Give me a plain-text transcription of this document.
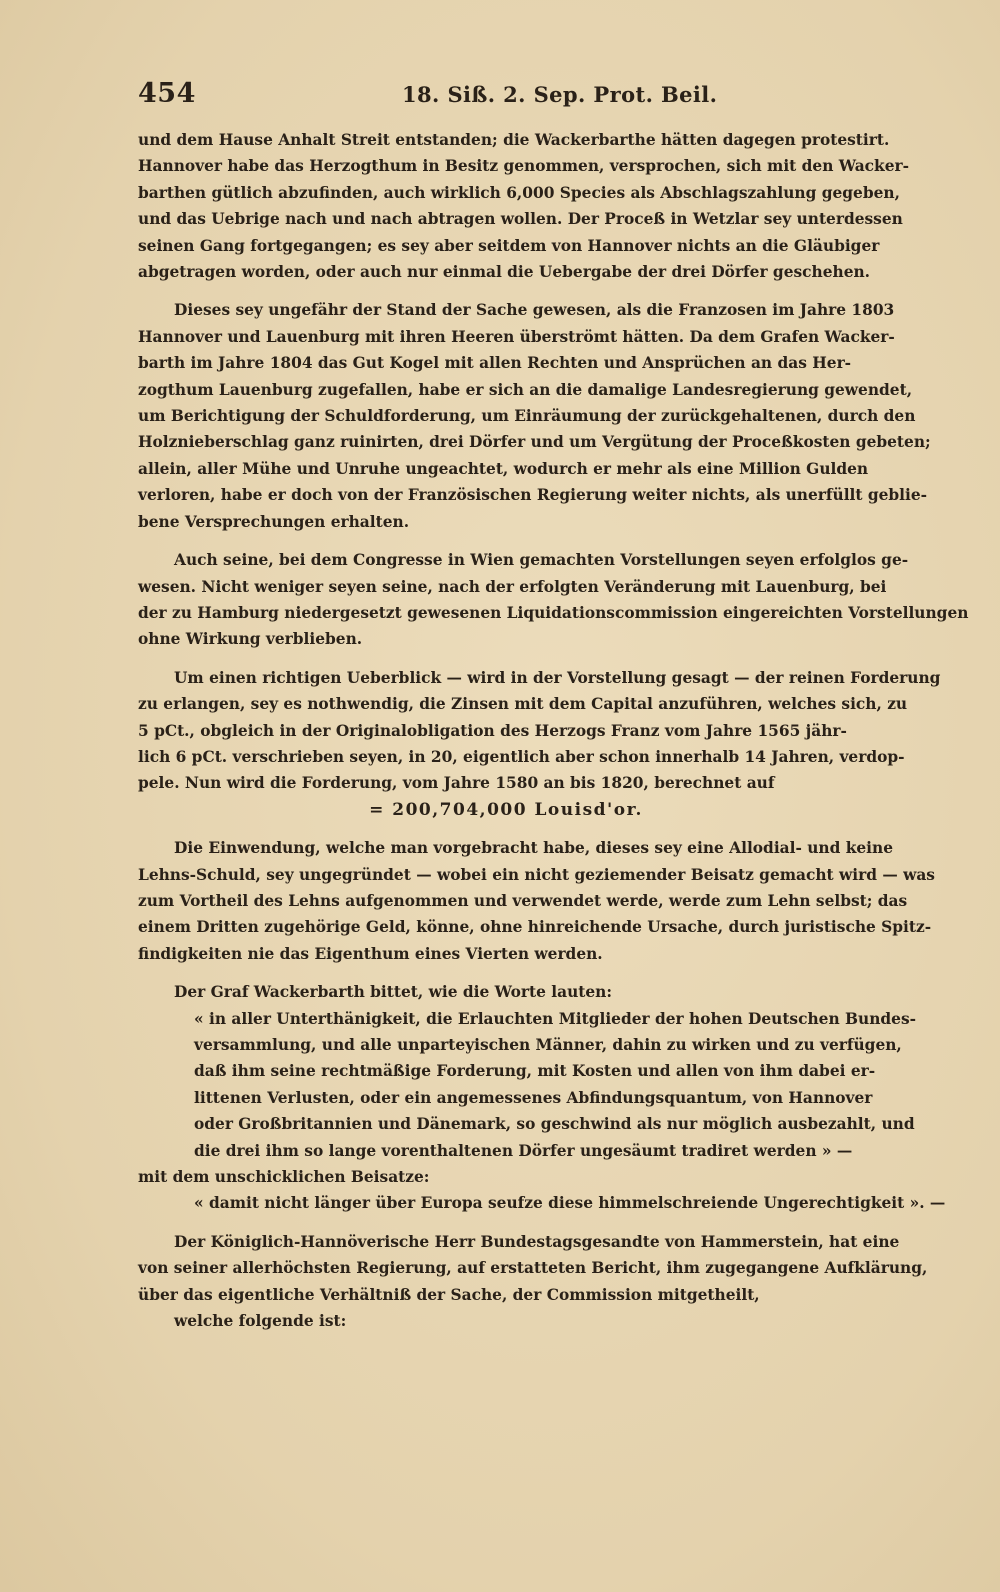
454	18. Siß. 2. Sep. Prot. Beil.
und dem Hause Anhalt Streit entstanden; die Wackerbarthe hätten dagegen protestirt.
Hannover habe das Herzogthum in Besitz genommen, versprochen, sich mit den Wacker-
barthen gütlich abzufinden, auch wirklich 6,000 Species als Abschlagszahlung gegeben,
und das Uebrige nach und nach abtragen wollen. Der Proceß in Wetzlar sey unterdessen
seinen Gang fortgegangen; es sey aber seitdem von Hannover nichts an die Gläubiger
abgetragen worden, oder auch nur einmal die Uebergabe der drei Dörfer geschehen.
Dieses sey ungefähr der Stand der Sache gewesen, als die Franzosen im Jahre 1803
Hannover und Lauenburg mit ihren Heeren überströmt hätten. Da dem Grafen Wacker-
barth im Jahre 1804 das Gut Kogel mit allen Rechten und Ansprüchen an das Her-
zogthum Lauenburg zugefallen, habe er sich an die damalige Landesregierung gewendet,
um Berichtigung der Schuldforderung, um Einräumung der zurückgehaltenen, durch den
Holznieberschlag ganz ruinirten, drei Dörfer und um Vergütung der Proceßkosten gebeten;
allein, aller Mühe und Unruhe ungeachtet, wodurch er mehr als eine Million Gulden
verloren, habe er doch von der Französischen Regierung weiter nichts, als unerfüllt geblie-
bene Versprechungen erhalten.
Auch seine, bei dem Congresse in Wien gemachten Vorstellungen seyen erfolglos ge-
wesen. Nicht weniger seyen seine, nach der erfolgten Veränderung mit Lauenburg, bei
der zu Hamburg niedergesetzt gewesenen Liquidationscommission eingereichten Vorstellungen
ohne Wirkung verblieben.
Um einen richtigen Ueberblick — wird in der Vorstellung gesagt — der reinen Forderung
zu erlangen, sey es nothwendig, die Zinsen mit dem Capital anzuführen, welches sich, zu
5 pCt., obgleich in der Originalobligation des Herzogs Franz vom Jahre 1565 jähr-
lich 6 pCt. verschrieben seyen, in 20, eigentlich aber schon innerhalb 14 Jahren, verdop-
pele. Nun wird die Forderung, vom Jahre 1580 an bis 1820, berechnet auf
= 200,704,000 Louisd'or.
Die Einwendung, welche man vorgebracht habe, dieses sey eine Allodial- und keine
Lehns-Schuld, sey ungegründet — wobei ein nicht geziemender Beisatz gemacht wird — was
zum Vortheil des Lehns aufgenommen und verwendet werde, werde zum Lehn selbst; das
einem Dritten zugehörige Geld, könne, ohne hinreichende Ursache, durch juristische Spitz-
findigkeiten nie das Eigenthum eines Vierten werden.
Der Graf Wackerbarth bittet, wie die Worte lauten:
« in aller Unterthänigkeit, die Erlauchten Mitglieder der hohen Deutschen Bundes-
versammlung, und alle unparteyischen Männer, dahin zu wirken und zu verfügen,
daß ihm seine rechtmäßige Forderung, mit Kosten und allen von ihm dabei er-
littenen Verlusten, oder ein angemessenes Abfindungsquantum, von Hannover
oder Großbritannien und Dänemark, so geschwind als nur möglich ausbezahlt, und
die drei ihm so lange vorenthaltenen Dörfer ungesäumt tradiret werden » —
mit dem unschicklichen Beisatze:
« damit nicht länger über Europa seufze diese himmelschreiende Ungerechtigkeit ». —
Der Königlich-Hannöverische Herr Bundestagsgesandte von Hammerstein, hat eine
von seiner allerhöchsten Regierung, auf erstatteten Bericht, ihm zugegangene Aufklärung,
über das eigentliche Verhältniß der Sache, der Commission mitgetheilt,
welche folgende ist:
